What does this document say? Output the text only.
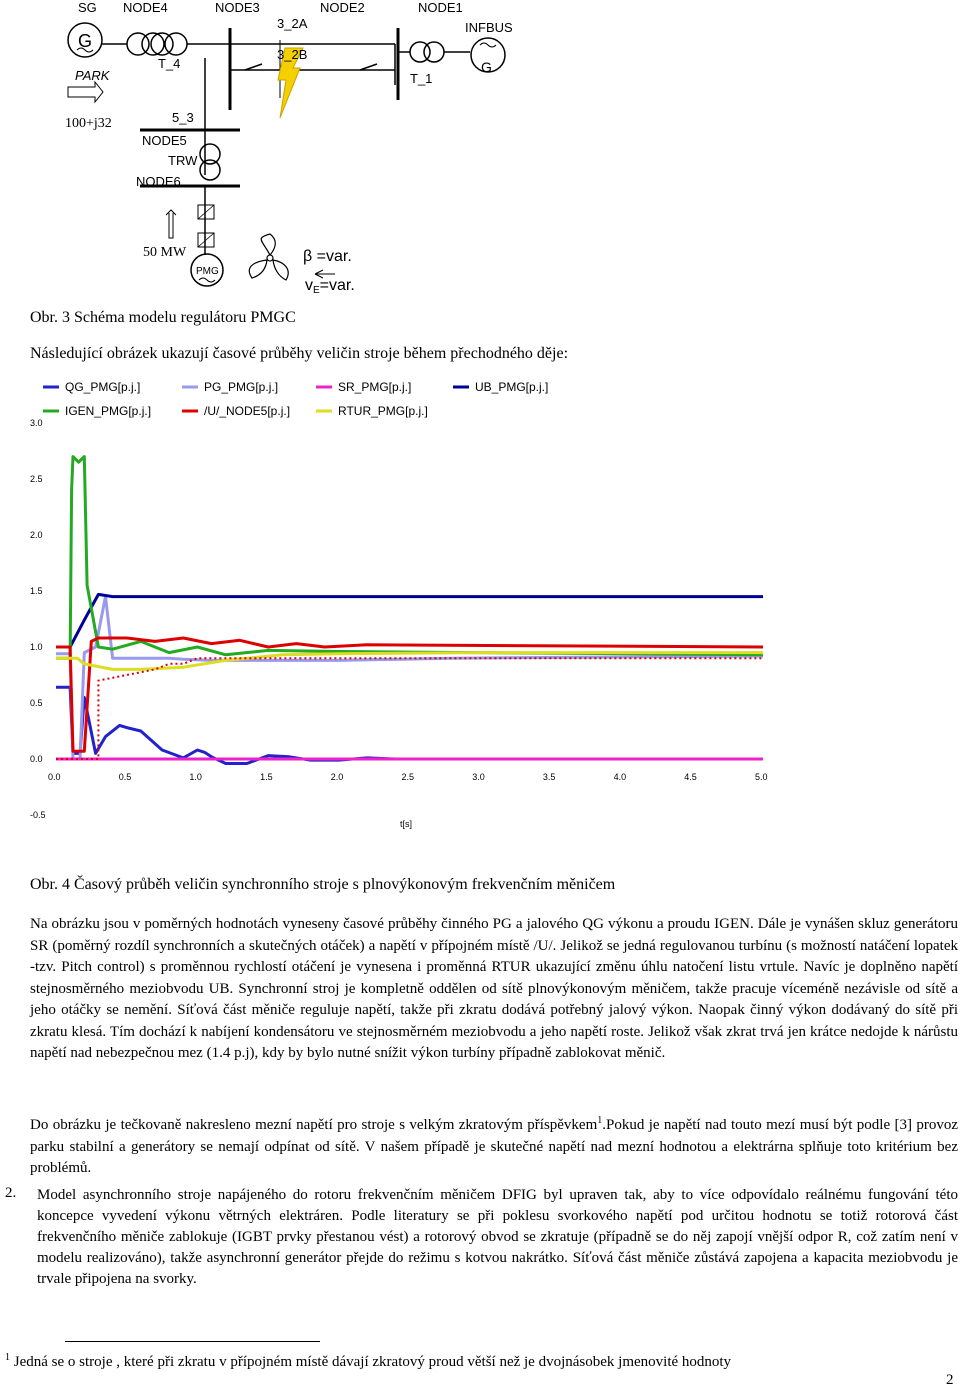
SG NODE4	NODE3	NODE2	NODE1
3_2A
3_2B
INFBUS
G
G
PARK
T_4
T_1
100+j32	5_3
NODE5
TRW
NODE6
50 MW
PMG
β =var.
vE=var.
Obr. 3 Schéma modelu regulátoru PMGC
Následující obrázek ukazují časové průběhy veličin stroje během přechodného děje:
QG_PMG[p.j.]	PG_PMG[p.j.]	SR_PMG[p.j.]	UB_PMG[p.j.]
IGEN_PMG[p.j.]	/U/_NODE5[p.j.]	RTUR_PMG[p.j.]
3.0
2.5
2.0
1.5
1.0
0.5
0.0
-0.5
0.0	0.5	1.0	1.5	2.0	2.5	3.0	3.5	4.0	4.5	5.0
t[s]
Obr. 4 Časový průběh veličin synchronního stroje s plnovýkonovým frekvenčním měničem
Na obrázku jsou v poměrných hodnotách vyneseny časové průběhy činného PG a jalového QG výkonu a proudu IGEN. Dále je vynášen skluz generátoru SR (poměrný rozdíl synchronních a skutečných otáček) a napětí v přípojném místě /U/. Jelikož se jedná regulovanou turbínu (s možností natáčení lopatek -tzv. Pitch control) s proměnnou rychlostí otáčení je vynesena i proměnná RTUR ukazující změnu úhlu natočení listu vrtule. Navíc je doplněno napětí stejnosměrného meziobvodu UB. Synchronní stroj je kompletně oddělen od sítě plnovýkonovým měničem, takže pracuje víceméně nezávisle od sítě a jeho otáčky se nemění. Síťová část měniče reguluje napětí, takže při zkratu dodává potřebný jalový výkon. Naopak činný výkon dodávaný do sítě při zkratu klesá. Tím dochází k nabíjení kondensátoru ve stejnosměrném meziobvodu a jeho napětí roste. Jelikož však zkrat trvá jen krátce nedojde k nárůstu napětí nad nebezpečnou mez (1.4 p.j), kdy by bylo nutné snížit výkon turbíny případně zablokovat měnič.
Do obrázku je tečkovaně nakresleno mezní napětí pro stroje s velkým zkratovým příspěvkem$^1$.Pokud je napětí nad touto mezí musí být podle [3] provoz parku stabilní a generátory se nemají odpínat od sítě. V našem případě je skutečné napětí nad mezní hodnotou a elektrárna splňuje toto kritérium bez problémů.
2. Model asynchronního stroje napájeného do rotoru frekvenčním měničem DFIG byl upraven tak, aby to více odpovídalo reálnému fungování této koncepce vyvedení výkonu větrných elektráren. Podle literatury se při poklesu svorkového napětí pod určitou hodnotu se totiž rotorová část frekvenčního měniče zablokuje (IGBT prvky přestanou vést) a rotorový obvod se zkratuje (případně se do něj zapojí vnější odpor R, což zatím není v modelu realizováno), takže asynchronní generátor přejde do režimu s kotvou nakrátko. Síťová část měniče zůstává zapojena a kapacita meziobvodu je trvale připojena na svorky.
$^1$ Jedná se o stroje , které při zkratu v přípojném místě dávají zkratový proud větší než je dvojnásobek jmenovité hodnoty
2
